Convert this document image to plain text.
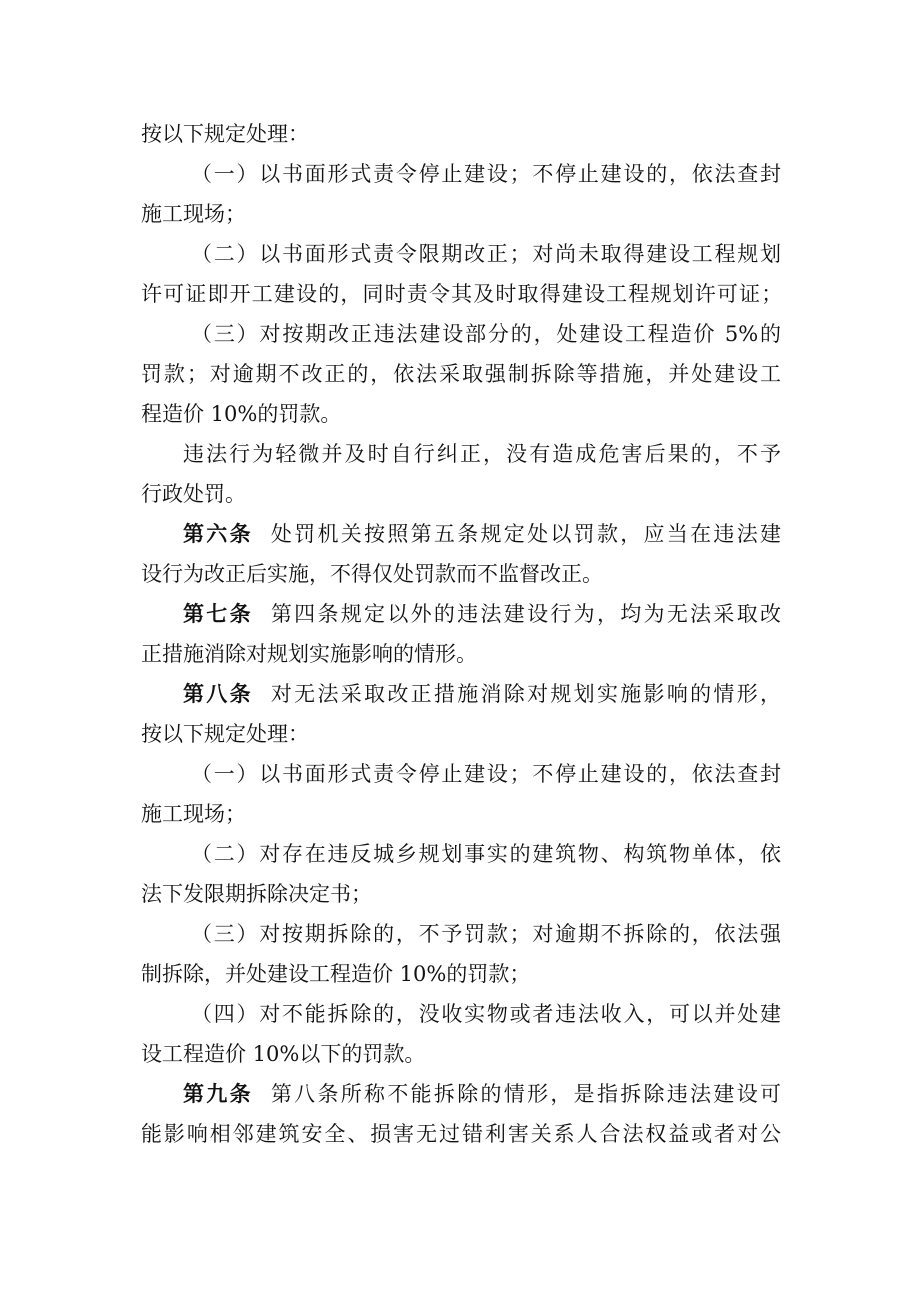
按以下规定处理：
（一）以书面形式责令停止建设；不停止建设的，依法查封
施工现场；
（二）以书面形式责令限期改正；对尚未取得建设工程规划
许可证即开工建设的，同时责令其及时取得建设工程规划许可证；
（三）对按期改正违法建设部分的，处建设工程造价 5%的
罚款；对逾期不改正的，依法采取强制拆除等措施，并处建设工
程造价 10%的罚款。
违法行为轻微并及时自行纠正，没有造成危害后果的，不予
行政处罚。
第六条 处罚机关按照第五条规定处以罚款，应当在违法建
设行为改正后实施，不得仅处罚款而不监督改正。
第七条 第四条规定以外的违法建设行为，均为无法采取改
正措施消除对规划实施影响的情形。
第八条 对无法采取改正措施消除对规划实施影响的情形，
按以下规定处理：
（一）以书面形式责令停止建设；不停止建设的，依法查封
施工现场；
（二）对存在违反城乡规划事实的建筑物、构筑物单体，依
法下发限期拆除决定书；
（三）对按期拆除的，不予罚款；对逾期不拆除的，依法强
制拆除，并处建设工程造价 10%的罚款；
（四）对不能拆除的，没收实物或者违法收入，可以并处建
设工程造价 10%以下的罚款。
第九条 第八条所称不能拆除的情形，是指拆除违法建设可
能影响相邻建筑安全、损害无过错利害关系人合法权益或者对公
